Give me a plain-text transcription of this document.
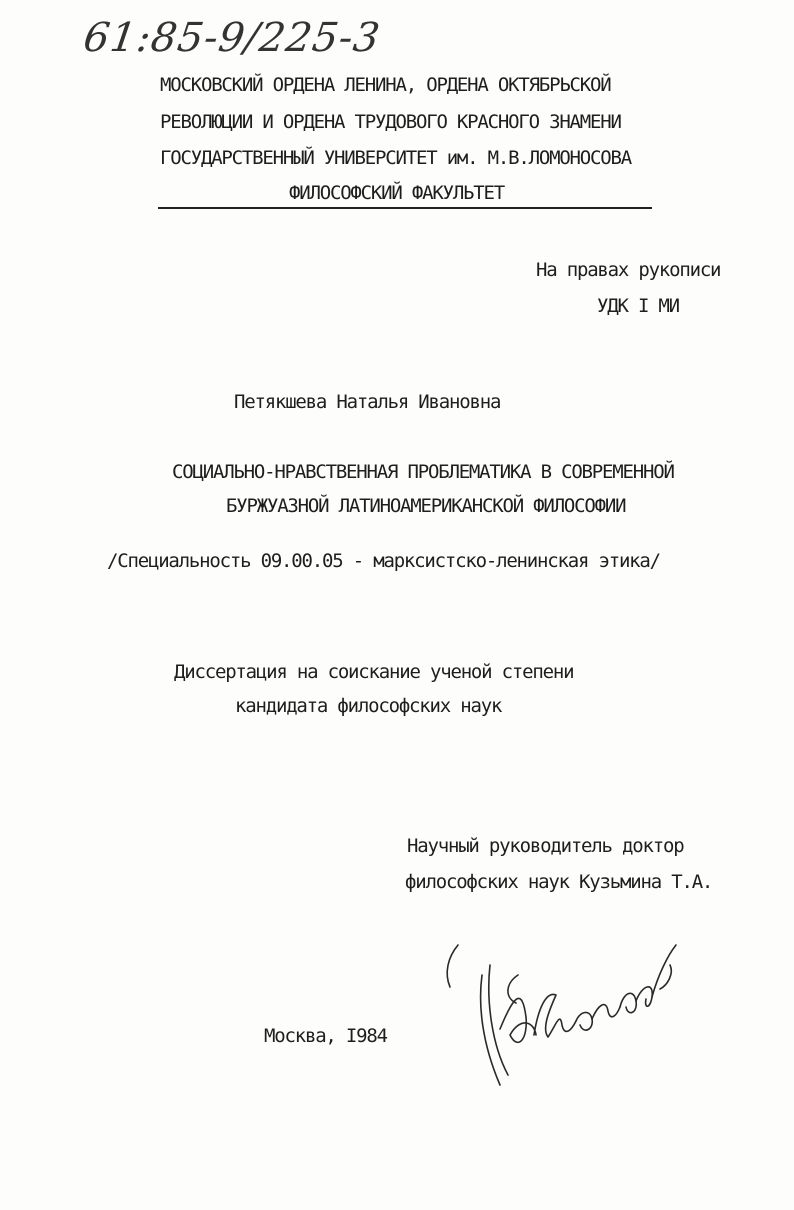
61:85-9/225-3

МОСКОВСКИЙ ОРДЕНА ЛЕНИНА, ОРДЕНА ОКТЯБРЬСКОЙ

РЕВОЛЮЦИИ И ОРДЕНА ТРУДОВОГО КРАСНОГО ЗНАМЕНИ

ГОСУДАРСТВЕННЫЙ УНИВЕРСИТЕТ им. М.В.ЛОМОНОСОВА

ФИЛОСОФСКИЙ ФАКУЛЬТЕТ

На правах рукописи

УДК I МИ

Петякшева Наталья Ивановна

СОЦИАЛЬНО-НРАВСТВЕННАЯ ПРОБЛЕМАТИКА В СОВРЕМЕННОЙ

БУРЖУАЗНОЙ ЛАТИНОАМЕРИКАНСКОЙ ФИЛОСОФИИ

/Специальность 09.00.05 - марксистско-ленинская этика/

Диссертация на соискание ученой степени

кандидата философских наук

Научный руководитель доктор

философских наук Кузьмина Т.А.

Москва, I984
